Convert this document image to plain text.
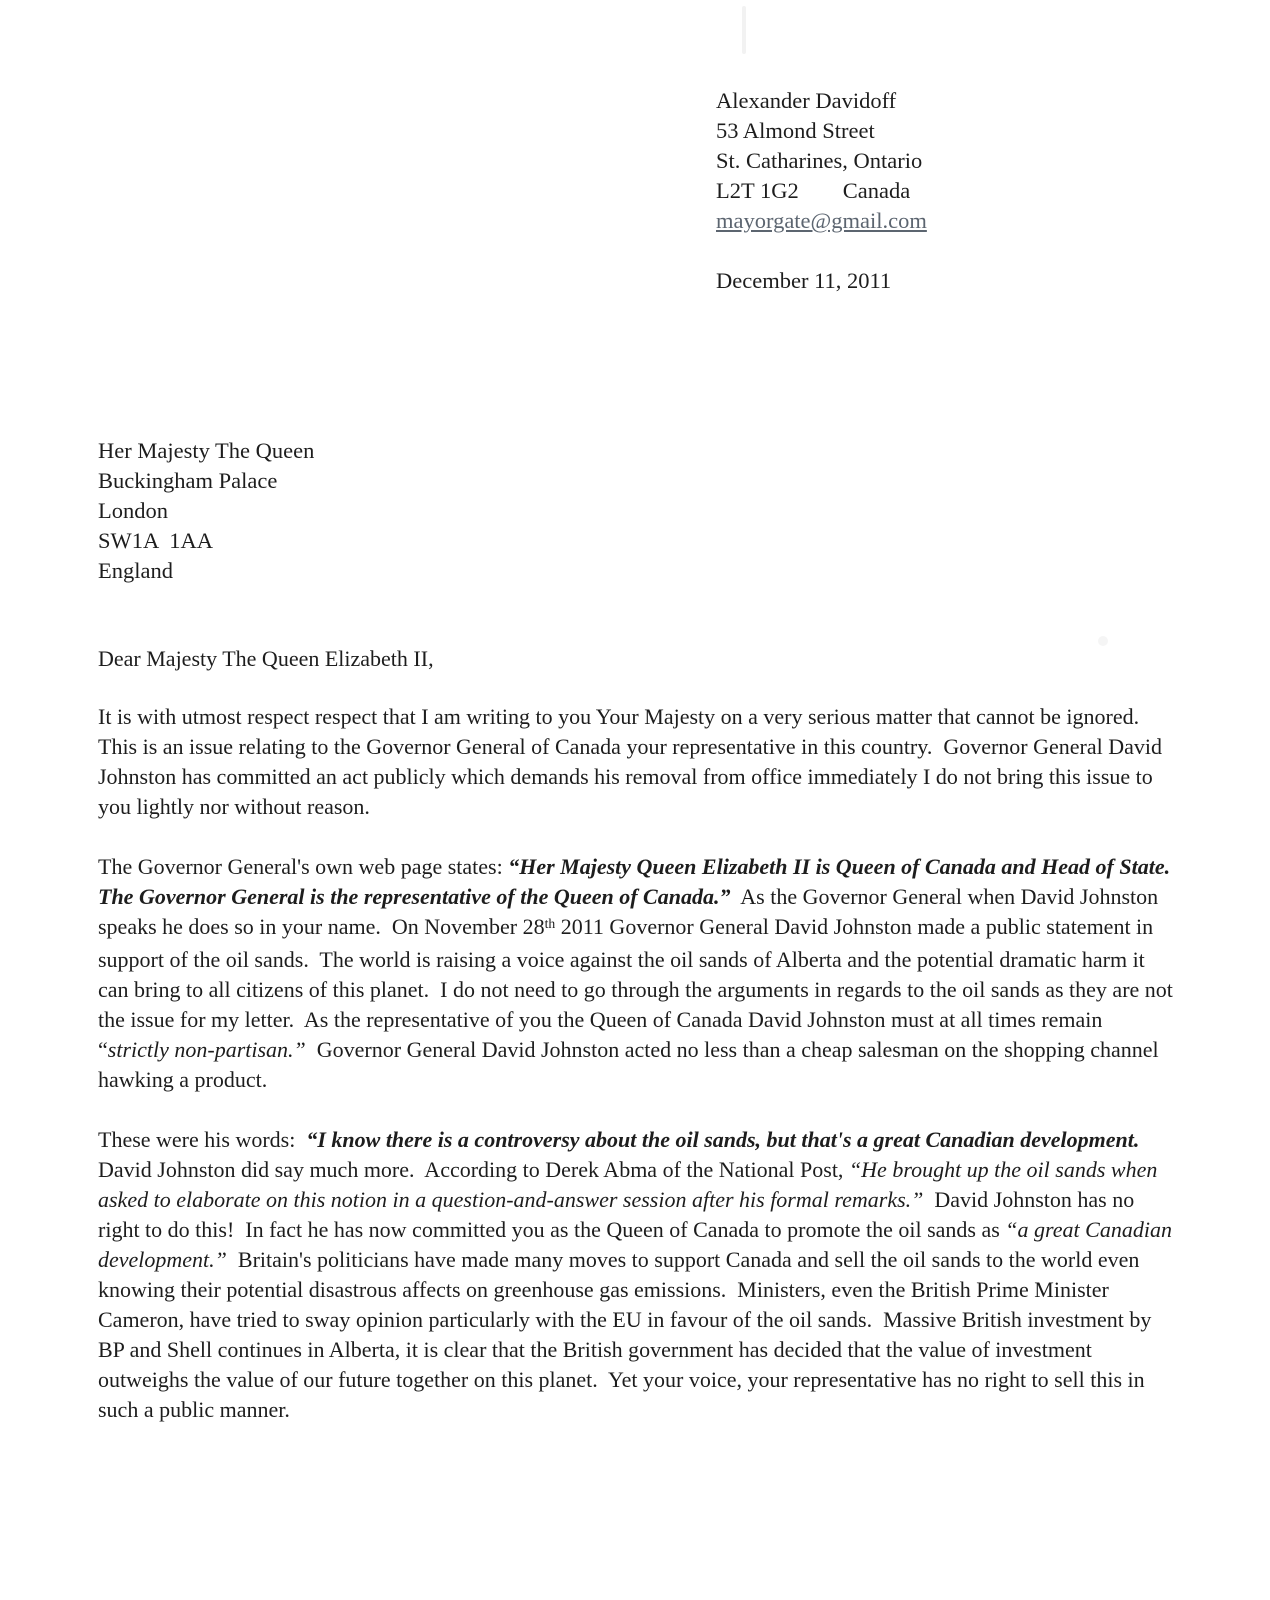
Alexander Davidoff
53 Almond Street
St. Catharines, Ontario
L2T 1G2 Canada
mayorgate@gmail.com
December 11, 2011
Her Majesty The Queen
Buckingham Palace
London
SW1A  1AA
England

Dear Majesty The Queen Elizabeth II,

It is with utmost respect respect that I am writing to you Your Majesty on a very serious matter that cannot be ignored.  This is an issue relating to the Governor General of Canada your representative in this country.  Governor General David Johnston has committed an act publicly which demands his removal from office immediately I do not bring this issue to you lightly nor without reason.

The Governor General's own web page states: “Her Majesty Queen Elizabeth II is Queen of Canada and Head of State.  The Governor General is the representative of the Queen of Canada.”  As the Governor General when David Johnston speaks he does so in your name.  On November 28th 2011 Governor General David Johnston made a public statement in support of the oil sands.  The world is raising a voice against the oil sands of Alberta and the potential dramatic harm it can bring to all citizens of this planet.  I do not need to go through the arguments in regards to the oil sands as they are not the issue for my letter.  As the representative of you the Queen of Canada David Johnston must at all times remain “strictly non-partisan.”  Governor General David Johnston acted no less than a cheap salesman on the shopping channel hawking a product.

These were his words:  “I know there is a controversy about the oil sands, but that's a great Canadian development.  David Johnston did say much more.  According to Derek Abma of the National Post, “He brought up the oil sands when asked to elaborate on this notion in a question-and-answer session after his formal remarks.”  David Johnston has no right to do this!  In fact he has now committed you as the Queen of Canada to promote the oil sands as “a great Canadian development.”  Britain's politicians have made many moves to support Canada and sell the oil sands to the world even knowing their potential disastrous affects on greenhouse gas emissions.  Ministers, even the British Prime Minister Cameron, have tried to sway opinion particularly with the EU in favour of the oil sands.  Massive British investment by BP and Shell continues in Alberta, it is clear that the British government has decided that the value of investment outweighs the value of our future together on this planet.  Yet your voice, your representative has no right to sell this in such a public manner.
